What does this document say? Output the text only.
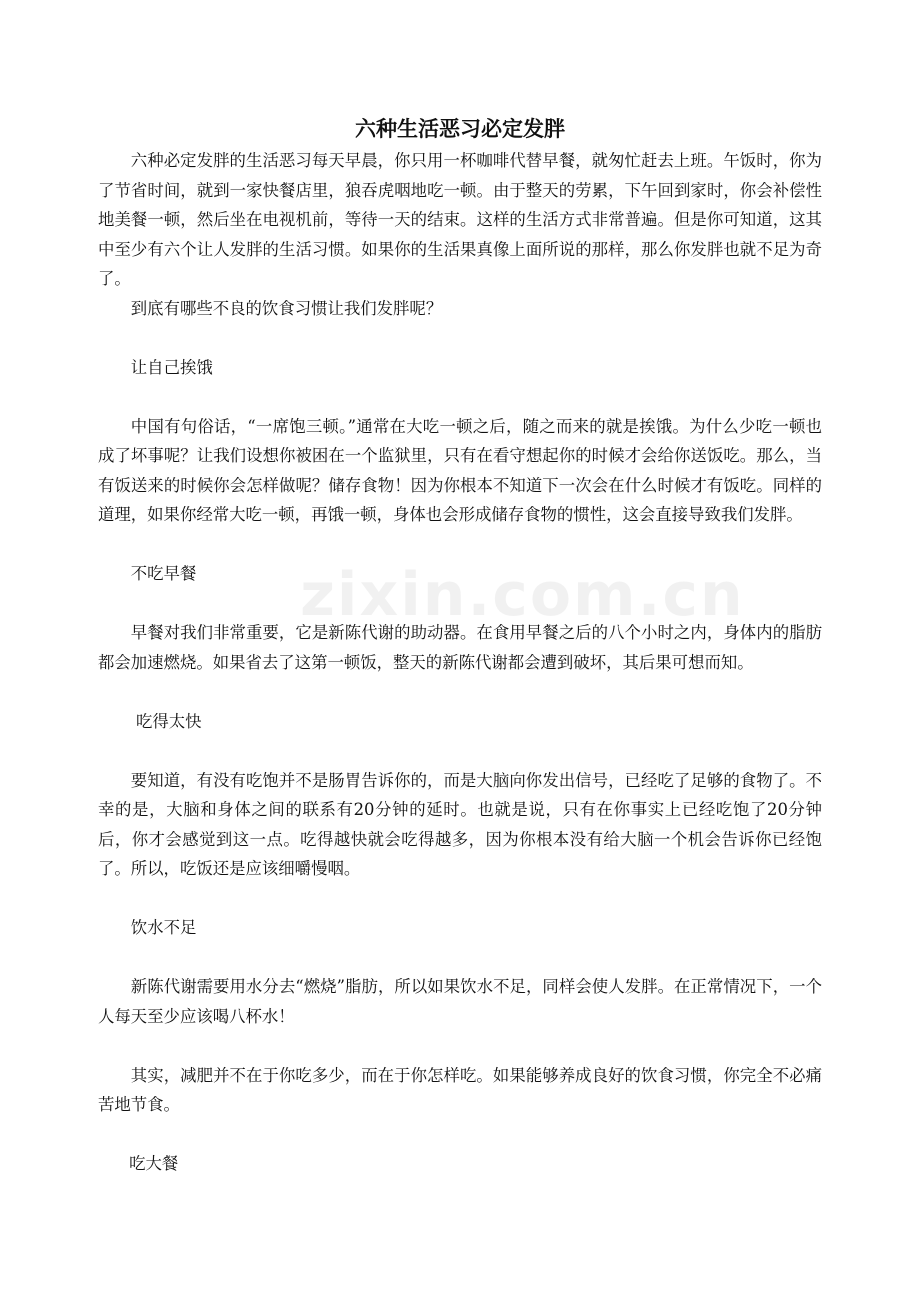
zixin.com.cn
六种生活恶习必定发胖

六种必定发胖的生活恶习每天早晨，你只用一杯咖啡代替早餐，就匆忙赶去上班。午饭时，你为了节省时间，就到一家快餐店里，狼吞虎咽地吃一顿。由于整天的劳累，下午回到家时，你会补偿性地美餐一顿，然后坐在电视机前，等待一天的结束。这样的生活方式非常普遍。但是你可知道，这其中至少有六个让人发胖的生活习惯。如果你的生活果真像上面所说的那样，那么你发胖也就不足为奇了。

到底有哪些不良的饮食习惯让我们发胖呢？

让自己挨饿

中国有句俗话，“一席饱三顿。”通常在大吃一顿之后，随之而来的就是挨饿。为什么少吃一顿也成了坏事呢？让我们设想你被困在一个监狱里，只有在看守想起你的时候才会给你送饭吃。那么，当有饭送来的时候你会怎样做呢？储存食物！因为你根本不知道下一次会在什么时候才有饭吃。同样的道理，如果你经常大吃一顿，再饿一顿，身体也会形成储存食物的惯性，这会直接导致我们发胖。

不吃早餐

早餐对我们非常重要，它是新陈代谢的助动器。在食用早餐之后的八个小时之内，身体内的脂肪都会加速燃烧。如果省去了这第一顿饭，整天的新陈代谢都会遭到破坏，其后果可想而知。

吃得太快

要知道，有没有吃饱并不是肠胃告诉你的，而是大脑向你发出信号，已经吃了足够的食物了。不幸的是，大脑和身体之间的联系有20分钟的延时。也就是说，只有在你事实上已经吃饱了20分钟后，你才会感觉到这一点。吃得越快就会吃得越多，因为你根本没有给大脑一个机会告诉你已经饱了。所以，吃饭还是应该细嚼慢咽。

饮水不足

新陈代谢需要用水分去“燃烧”脂肪，所以如果饮水不足，同样会使人发胖。在正常情况下，一个人每天至少应该喝八杯水！

其实，减肥并不在于你吃多少，而在于你怎样吃。如果能够养成良好的饮食习惯，你完全不必痛苦地节食。

吃大餐
